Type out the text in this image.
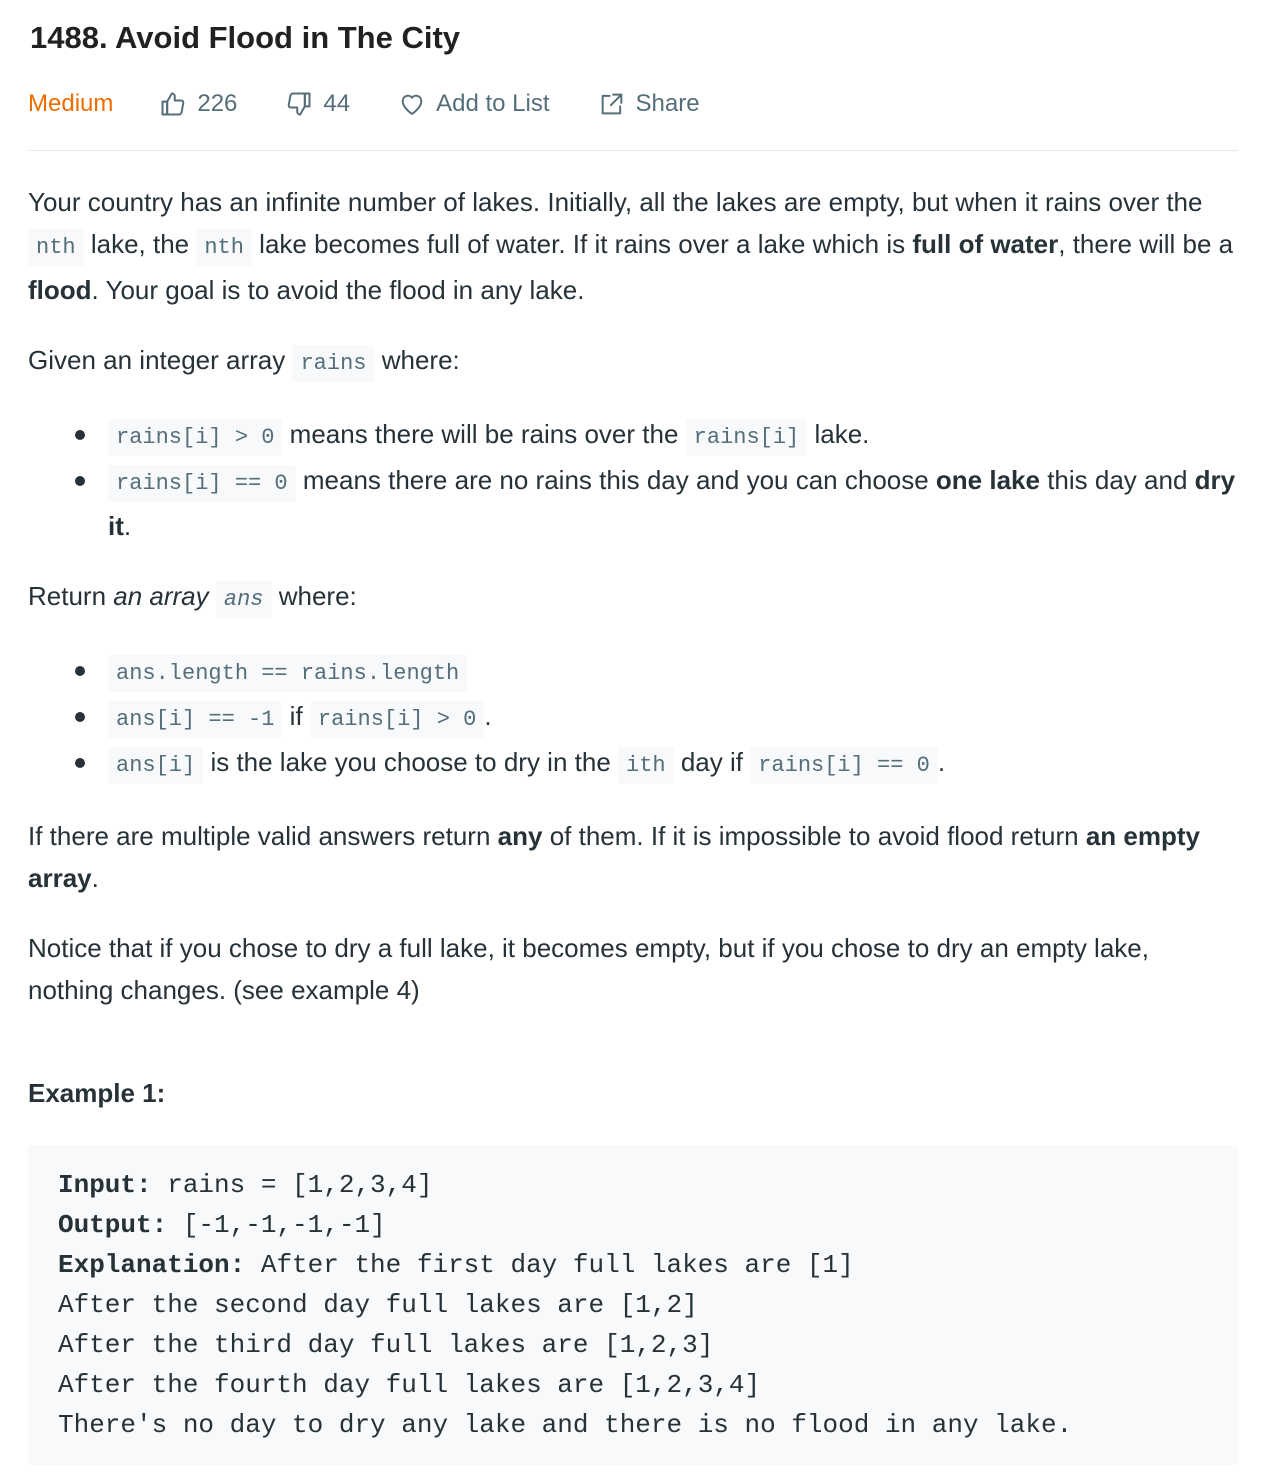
1488. Avoid Flood in The City
Medium	226	44	Add to List	Share

Your country has an infinite number of lakes. Initially, all the lakes are empty, but when it rains over the nth lake, the nth lake becomes full of water. If it rains over a lake which is full of water, there will be a flood. Your goal is to avoid the flood in any lake.

Given an integer array rains where:

rains[i] > 0 means there will be rains over the rains[i] lake.
rains[i] == 0 means there are no rains this day and you can choose one lake this day and dry it.

Return an array ans where:

ans.length == rains.length
ans[i] == -1 if rains[i] > 0 .
ans[i] is the lake you choose to dry in the ith day if rains[i] == 0 .

If there are multiple valid answers return any of them. If it is impossible to avoid flood return an empty array.

Notice that if you chose to dry a full lake, it becomes empty, but if you chose to dry an empty lake, nothing changes. (see example 4)

Example 1:
Input: rains = [1,2,3,4]
Output: [-1,-1,-1,-1]
Explanation: After the first day full lakes are [1]
After the second day full lakes are [1,2]
After the third day full lakes are [1,2,3]
After the fourth day full lakes are [1,2,3,4]
There's no day to dry any lake and there is no flood in any lake.
